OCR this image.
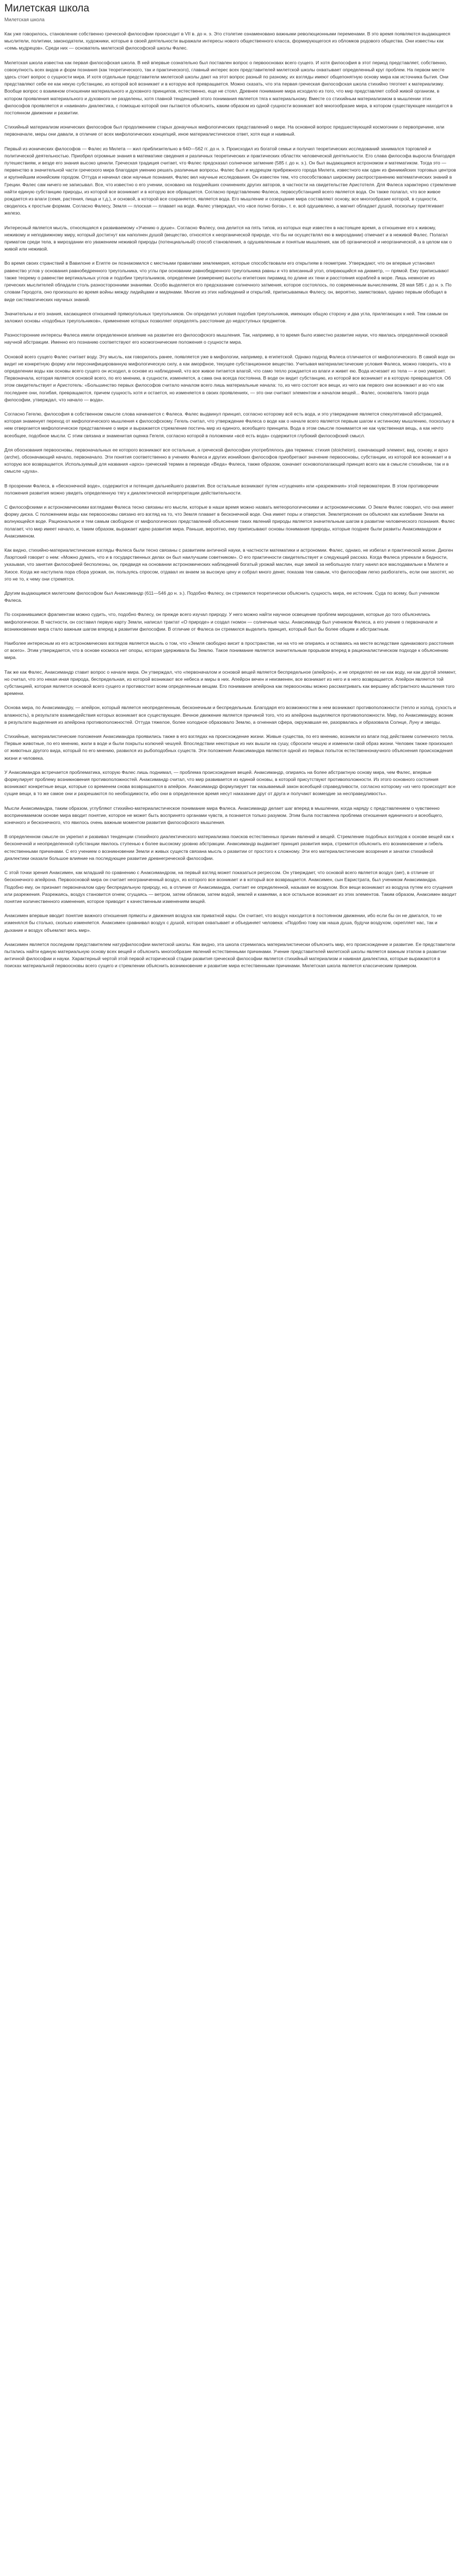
Милетская школа
Милетская школа

Как уже говорилось, становление собственно греческой философии происходит в VII в. до н. э. Это столетие ознаменовано важными революционными переменами. В это время появляются выдающиеся мыслители, политики, законодатели, художники, которые в своей деятельности выражали интересы нового общественного класса, формирующегося из обломков родового общества. Они известны как «семь мудрецов». Среди них — основатель милетской философской школы Фалес.

Милетская школа известна как первая философская школа. В ней впервые сознательно был поставлен вопрос о первоосновах всего сущего. И хотя философия в этот период представляет, собственно, совокупность всех видов и форм познания (как теоретического, так и практического), главный интерес всех представителей милетской школы охватывает определенный круг проблем. На первом месте здесь стоит вопрос о сущности мира. И хотя отдельные представители милетской школы дают на этот вопрос разный по разному, их взгляды имеют общепонятную основу мира как источника бытия. Они представляют себе ее как некую субстанцию, из которой всё возникает и в которую всё превращается. Можно сказать, что эта первая греческая философская школа стихийно тяготеет к материализму. Вообще вопрос о взаимном отношении материального и духовного принципов, естественно, еще не стоял. Древнее понимание мира исходило из того, что мир представляет собой живой организм, в котором проявления материального и духовного не разделены, хотя главной тенденцией этого понимания является тяга к материальному. Вместе со стихийным материализмом в мышлении этих философов проявляется и «наивная» диалектика, с помощью которой они пытаются объяснить, каким образом из одной сущности возникает всё многообразие мира, в котором существующее находится в постоянном движении и развитии.

Стихийный материализм ионических философов был продолжением старых донаучных мифологических представлений о мире. На основной вопрос предшествующей космогонии о первопричине, или первоначале, меры они давали, в отличие от всех мифологических концепций, иное материалистическое ответ, хотя еще и наивный.

Первый из ионических философов — Фалес из Милета — жил приблизительно в 640—562 гг. до н. э. Происходил из богатой семьи и получил теоретических исследований занимался торговлей и политической деятельностью. Приобрел огромные знания в математике сведения и различных теоретических и практических областях человеческой деятельности. Его слава философа выросла благодаря путешествиям, и везде его знания высоко ценили. Греческая традиция считает, что Фалес предсказал солнечное затмение (585 г. до н. э.). Он был выдающимся астрономом и математиком. Тогда это — первенство в значительной части греческого мира благодаря умению решать различные вопросы. Фалес был и мудрецом прибрежного города Милета, известного как один из финикийских торговых центров и крупнейшим ионийским городом. Оттуда и начинал свои научные познания, Фалес вел научные исследования. Он известен тем, что способствовал широкому распространению математических знаний в Греции. Фалес сам ничего не записывал. Все, что известно о его учении, основано на позднейших сочинениях других авторов, в частности на свидетельстве Аристотеля. Для Фалеса характерно стремление найти единую субстанцию природы, из которой все возникает и в которую все обращается. Согласно представлению Фалеса, первосубстанцией всего является вода. Он также полагал, что все живое рождается из влаги (семя, растения, пища и т.д.), и основой, в которой все сохраняется, является вода. Его мышление и созерцание мира составляют основу, все многообразие которой, в сущности, сводилось к простым формам. Согласно Фалесу, Земля — плоская — плавает на воде. Фалес утверждал, что «все полно богов», т. е. всё одушевлено, а магнит обладает душой, поскольку притягивает железо.

Интересный является мысль, относящаяся к развиваемому «Учению о душе». Согласно Фалесу, она делится на пять типов, из которых еще известен в настоящее время, а отношение его к живому, неживому и неподвижному миру, который достигнут как наполнен душой (вещество, относятся к неорганической природе, что бы ни осуществлял ею в мироздании) отмечает и в неживой Фалес. Полагал приматом среди тела, в мироздании его уважением неживой природы (потенциальный) способ становления, а одушевленным и понятым мышления, как об органической и неорганической, а в целом как о живой или неживой.

Во время своих странствий в Вавилоне и Египте он познакомился с местными правилами землемерия, которые способствовали его открытиям в геометрии. Утверждают, что он впервые установил равенство углов у основания равнобедренного треугольника, что углы при основании равнобедренного треугольника равны и что вписанный угол, опирающийся на диаметр, — прямой. Ему приписывают также теорему о равенстве вертикальных углов и подобии треугольников, определение (измерение) высоты египетских пирамид по длине их тени и расстояния кораблей в море. Лишь немногие из греческих мыслителей обладали столь разносторонними знаниями. Особо выделяется его предсказание солнечного затмения, которое состоялось, по современным вычислениям, 28 мая 585 г. до н. э. По словам Геродота, оно произошло во время войны между лидийцами и мидянами. Многие из этих наблюдений и открытий, приписываемых Фалесу, он, вероятно, заимствовал, однако первым обобщил в виде систематических научных знаний.

Значительны и его знания, касающиеся отношений прямоугольных треугольников. Он определил условия подобия треугольников, имеющих общую сторону и два угла, прилегающих к ней. Тем самым он заложил основы «подобных треугольников», применение которых позволяет определять расстояние до недоступных предметов.

Разносторонние интересы Фалеса имели определенное влияние на развитие его философского мышления. Так, например, в то время было известно развитие науки, что явилась определенной основой научной абстракции. Именно его познанию соответствуют его космогонические положения о сущности мира.

Основой всего сущего Фалес считает воду. Эту мысль, как говорилось ранее, появляется уже в мифологии, например, в египетской. Однако подход Фалеса отличается от мифологического. В самой воде он видит не конкретную форму или персонифицированную мифологическую силу, а как аморфное, текущее субстанционное вещество. Учитывая материалистические условия Фалеса, можно говорить, что в определении воды как основы всего сущего он исходил, в основе из наблюдений, что все живое питается влагой, что само тепло рождается из влаги и живет ею. Вода исчезает из тела — и оно умирает. Первоначала, которая является основой всего, по его мнению, в сущности, изменяется, а сама она всегда постоянна. В воде он видит субстанцию, из которой все возникает и в которую превращается. Об этом свидетельствует и Аристотель: «Большинство первых философов считало началом всего лишь материальные начала: то, из чего состоят все вещи, из чего как первого они возникают и во что как последнее они, погибая, превращаются, причем сущность хотя и остается, но изменяется в своих проявлениях, — это они считают элементом и началом вещей... Фалес, основатель такого рода философии, утверждал, что начало — вода».

Согласно Гегелю, философия в собственном смысле слова начинается с Фалеса. Фалес выдвинул принцип, согласно которому всё есть вода, и это утверждение является спекулятивной абстракцией, которая знаменует переход от мифологического мышления к философскому. Гегель считал, что утверждение Фалеса о воде как о начале всего является первым шагом к истинному мышлению, поскольку в нем отвергается мифологическое представление о мире и выражается стремление постичь мир из единого, всеобщего принципа. Вода в этом смысле понимается не как чувственная вещь, а как нечто всеобщее, подобное мысли. С этим связана и знаменитая оценка Гегеля, согласно которой в положении «всё есть вода» содержится глубокий философский смысл.

Для обоснования первоосновы, первоначальных ее которого возникают все остальные, а греческой философии употреблялось два термина: стихия (stoicheion), означающий элемент, вид, основу, и архэ (arche), обозначающий начало, первоначало. Эти понятия соответственно в учениях Фалеса и других ионийских философов приобретают значение первоосновы, субстанции, из которой все возникает и в которую все возвращается. Используемый для названия «архэ» греческий термин в переводе «Веда» Фалеса, также образом, означает основополагающий принцип всего как в смысле стихийном, так и в смысле «духа».

В прозрении Фалеса, в «бесконечной воде», содержится и потенция дальнейшего развития. Все остальные возникают путем «сгущения» или «разрежения» этой первоматерии. В этом противоречии положения развития можно увидеть определенную тягу к диалектической интерпретации действительности.

С философскими и астрономическими взглядами Фалеса тесно связаны его мысли, которые в наши время можно назвать метеорологическими и астрономическими. О Земле Фалес говорил, что она имеет форму диска. С положением воды как первоосновы связано его взгляд на то, что Земля плавает в бесконечной воде. Она имеет поры и отверстия. Землетрясения он объяснял как колебание Земли на волнующейся воде. Рациональное и тем самым свободное от мифологических представлений объяснение таких явлений природы является значительным шагом в развитии человеческого познания. Фалес полагает, что мир имеет начало, и, таким образом, выражает идею развития мира. Раньше, вероятно, ему приписывают основы понимания природы, которые позднее были развиты Анаксимандром и Анаксименом.

Как видно, стихийно-материалистические взгляды Фалеса были тесно связаны с развитием античной науки, в частности математики и астрономии. Фалес, однако, не избегал и практической жизни. Диоген Лаэртский говорит о нем: «Можно думать, что и в государственных делах он был наилучшим советником». О его практичности свидетельствует и следующий рассказ. Когда Фалеса упрекали в бедности, указывая, что занятия философией бесполезны, он, предвидя на основании астрономических наблюдений богатый урожай маслин, еще зимой за небольшую плату нанял все маслодавильни в Милете и Хиосе. Когда же наступила пора сбора урожая, он, пользуясь спросом, отдавал их внаем за высокую цену и собрал много денег, показав тем самым, что философам легко разбогатеть, если они захотят, но это не то, к чему они стремятся.

Другим выдающимся милетским философом был Анаксимандр (611—546 до н. э.). Подобно Фалесу, он стремился теоретически объяснить сущность мира, ее источник. Суда по всему, был учеником Фалеса.

По сохранившимся фрагментам можно судить, что, подобно Фалесу, он прежде всего изучал природу. У него можно найти научное освещение проблем мироздания, которые до того объяснялись мифологически. В частности, он составил первую карту Земли, написал трактат «О природе» и создал гномон — солнечные часы. Анаксимандр был учеником Фалеса, а его учение о первоначале и возникновении мира стало важным шагом вперед в развитии философии. В отличие от Фалеса он стремился выделить принцип, который был бы более общим и абстрактным.

Наиболее интересным из его астрономических взглядов является мысль о том, что «Земля свободно висит в пространстве, ни на что не опираясь и оставаясь на месте вследствие одинакового расстояния от всего». Этим утверждается, что в основе космоса нет опоры, которая удерживала бы Землю. Такое понимание является значительным прорывом вперед в рационалистическом подходе к объяснению мира.

Так же как Фалес, Анаксимандр ставит вопрос о начале мира. Он утверждал, что «первоначалом и основой вещей является беспредельное (апейрон)», и не определял ее ни как воду, ни как другой элемент, но считал, что это некая иная природа, беспредельная, из которой возникают все небеса и миры в них. Апейрон вечен и неизменен, все возникает из него и в него возвращается. Апейрон является той субстанцией, которая является основой всего сущего и противостоит всем определенным вещам. Его понимание апейрона как первоосновы можно рассматривать как вершину абстрактного мышления того времени.

Основа мира, по Анаксимандру, — апейрон, который является неопределенным, бесконечным и беспредельным. Благодаря его возможностям в нем возникают противоположности (тепло и холод, сухость и влажность), в результате взаимодействия которых возникает все существующее. Вечное движение является причиной того, что из апейрона выделяются противоположности. Мир, по Анаксимандру, возник в результате выделения из апейрона противоположностей. Оттуда тяжелое, более холодное образовало Землю, а огненная сфера, окружавшая ее, разорвалась и образовала Солнце, Луну и звезды.

Стихийные, материалистические положения Анаксимандра проявились также в его взглядах на происхождение жизни. Живые существа, по его мнению, возникли из влаги под действием солнечного тепла. Первые животные, по его мнению, жили в воде и были покрыты колючей чешуей. Впоследствии некоторые из них вышли на сушу, сбросили чешую и изменили свой образ жизни. Человек также произошел от животных другого вида, который по его мнению, развился из рыбоподобных существ. Эти положения Анаксимандра являются одной из первых попыток естественнонаучного объяснения происхождения жизни и человека.

У Анаксимандра встречается проблематика, которую Фалес лишь поднимал, — проблема происхождения вещей. Анаксимандр, опираясь на более абстрактную основу мира, чем Фалес, впервые формулирует проблему возникновения противоположностей. Анаксимандр считал, что мир развивается из единой основы, в которой присутствуют противоположности. Из этого основного состояния возникают конкретные вещи, которые со временем снова возвращаются в апейрон. Анаксимандр формулирует так называемый закон всеобщей справедливости, согласно которому «из чего происходят все сущие вещи, в то же самое они и разрешаются по необходимости, ибо они в определенное время несут наказание друг от друга и получают возмездие за несправедливость».

Мысли Анаксимандра, таким образом, углубляют стихийно-материалистическое понимание мира Фалеса. Анаксимандр делает шаг вперед в мышлении, когда наряду с представлением о чувственно воспринимаемом основе мира вводит понятие, которое не может быть воспринято органами чувств, а познается только разумом. Этим была поставлена проблема отношения единичного и всеобщего, конечного и бесконечного, что явилось очень важным моментом развития философского мышления.

В определенном смысле он укрепил и развивал тенденции стихийного диалектического материализма поисков естественных причин явлений и вещей. Стремление подобных взглядов к основе вещей как к бесконечной и неопределенной субстанции явилось ступенью к более высокому уровню абстракции. Анаксимандр выдвигает принцип развития мира, стремится объяснить его возникновение и гибель естественными причинами. С его учением о возникновении Земли и живых существ связана мысль о развитии от простого к сложному. Эти его материалистические воззрения и зачатки стихийной диалектики оказали большое влияние на последующее развитие древнегреческой философии.

С этой точки зрения Анаксимен, как младший по сравнению с Анаксимандром, на первый взгляд может показаться регрессом. Он утверждает, что основой всего является воздух (aer), в отличие от бесконечного апейрона. Первоосновой мира он считает неограниченный воздух, из которого все возникает и в который все возвращается. Анаксимен, сын Евристрата, был учеником Анаксимандра. Подобно ему, он признает первоначалом одну беспредельную природу, но, в отличие от Анаксимандра, считает ее определенной, называя ее воздухом. Все вещи возникают из воздуха путем его сгущения или разрежения. Разрежаясь, воздух становится огнем; сгущаясь — ветром, затем облаком, затем водой, землей и камнями, а все остальное возникает из этих элементов. Таким образом, Анаксимен вводит понятие количественного изменения, которое приводит к качественным изменениям вещей.

Анаксимен впервые вводит понятие важного отношения прямоты и движения воздуха как приватной кары. Он считает, что воздух находится в постоянном движении, ибо если бы он не двигался, то не изменялся бы столько, сколько изменяется. Анаксимен сравнивал воздух с душой, которая охватывает и объединяет человека: «Подобно тому как наша душа, будучи воздухом, скрепляет нас, так и дыхание и воздух объемлют весь мир».

Анаксимен является последним представителем натурфилософии милетской школы. Как видно, эта школа стремилась материалистически объяснить мир, его происхождение и развитие. Ее представители пытались найти единую материальную основу всех вещей и объяснить многообразие явлений естественными причинами. Учение представителей милетской школы является важным этапом в развитии античной философии и науки. Характерный чертой этой первой исторической стадии развития греческой философии является стихийный материализм и наивная диалектика, которые выражаются в поисках материальной первоосновы всего сущего и стремлении объяснить возникновение и развитие мира естественными причинами. Милетская школа является классическим примером.
